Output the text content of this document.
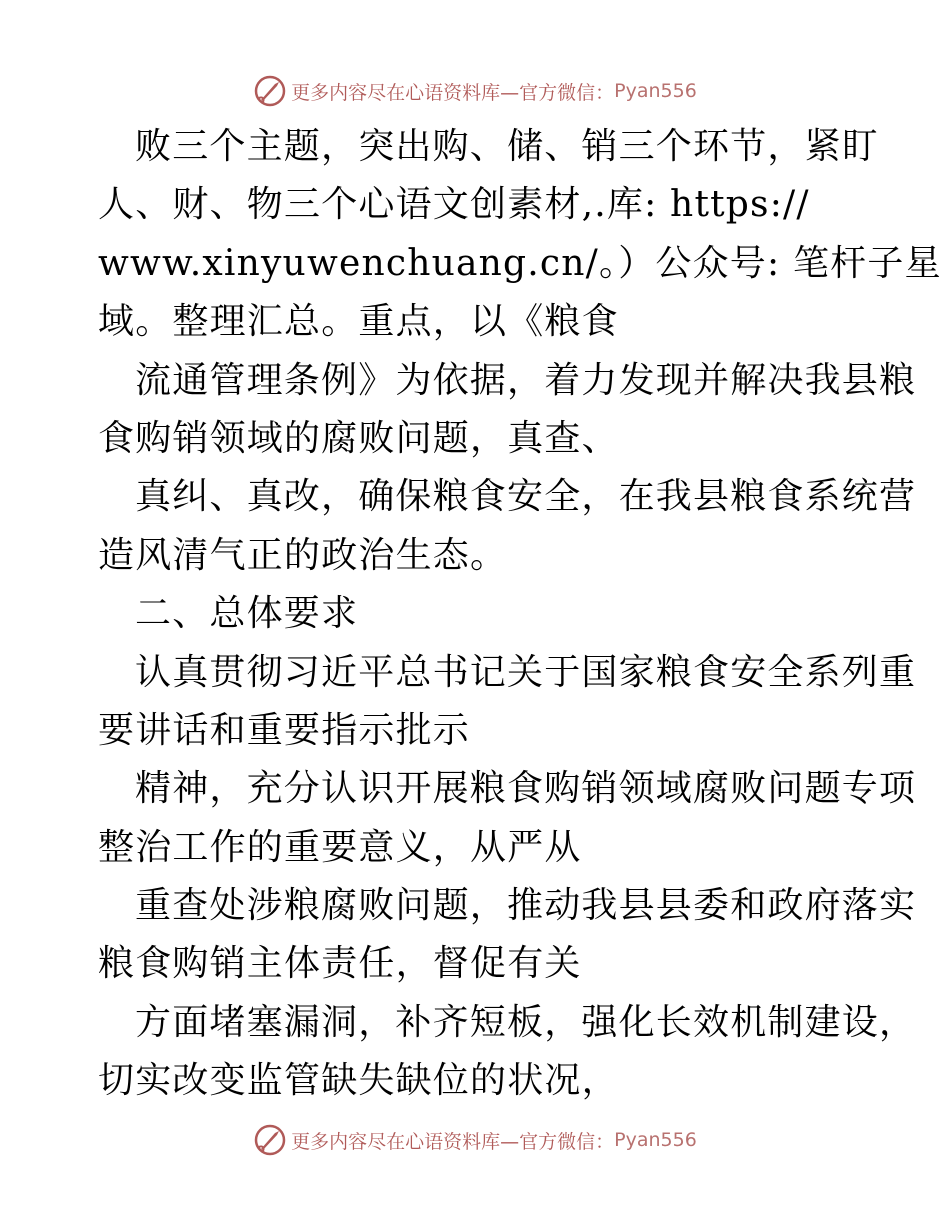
更多内容尽在心语资料库—官方微信： Pyan556
败三个主题，突出购、储、销三个环节，紧盯
人、财、物三个心语文创素材,.库: https://
www.xinyuwenchuang.cn/。）公众号: 笔杆子星
域。整理汇总。重点，以《粮食
流通管理条例》为依据，着力发现并解决我县粮
食购销领域的腐败问题，真查、
真纠、真改，确保粮食安全，在我县粮食系统营
造风清气正的政治生态。
二、总体要求
认真贯彻习近平总书记关于国家粮食安全系列重
要讲话和重要指示批示
精神，充分认识开展粮食购销领域腐败问题专项
整治工作的重要意义，从严从
重查处涉粮腐败问题，推动我县县委和政府落实
粮食购销主体责任，督促有关
方面堵塞漏洞，补齐短板，强化长效机制建设，
切实改变监管缺失缺位的状况，
更多内容尽在心语资料库—官方微信： Pyan556
